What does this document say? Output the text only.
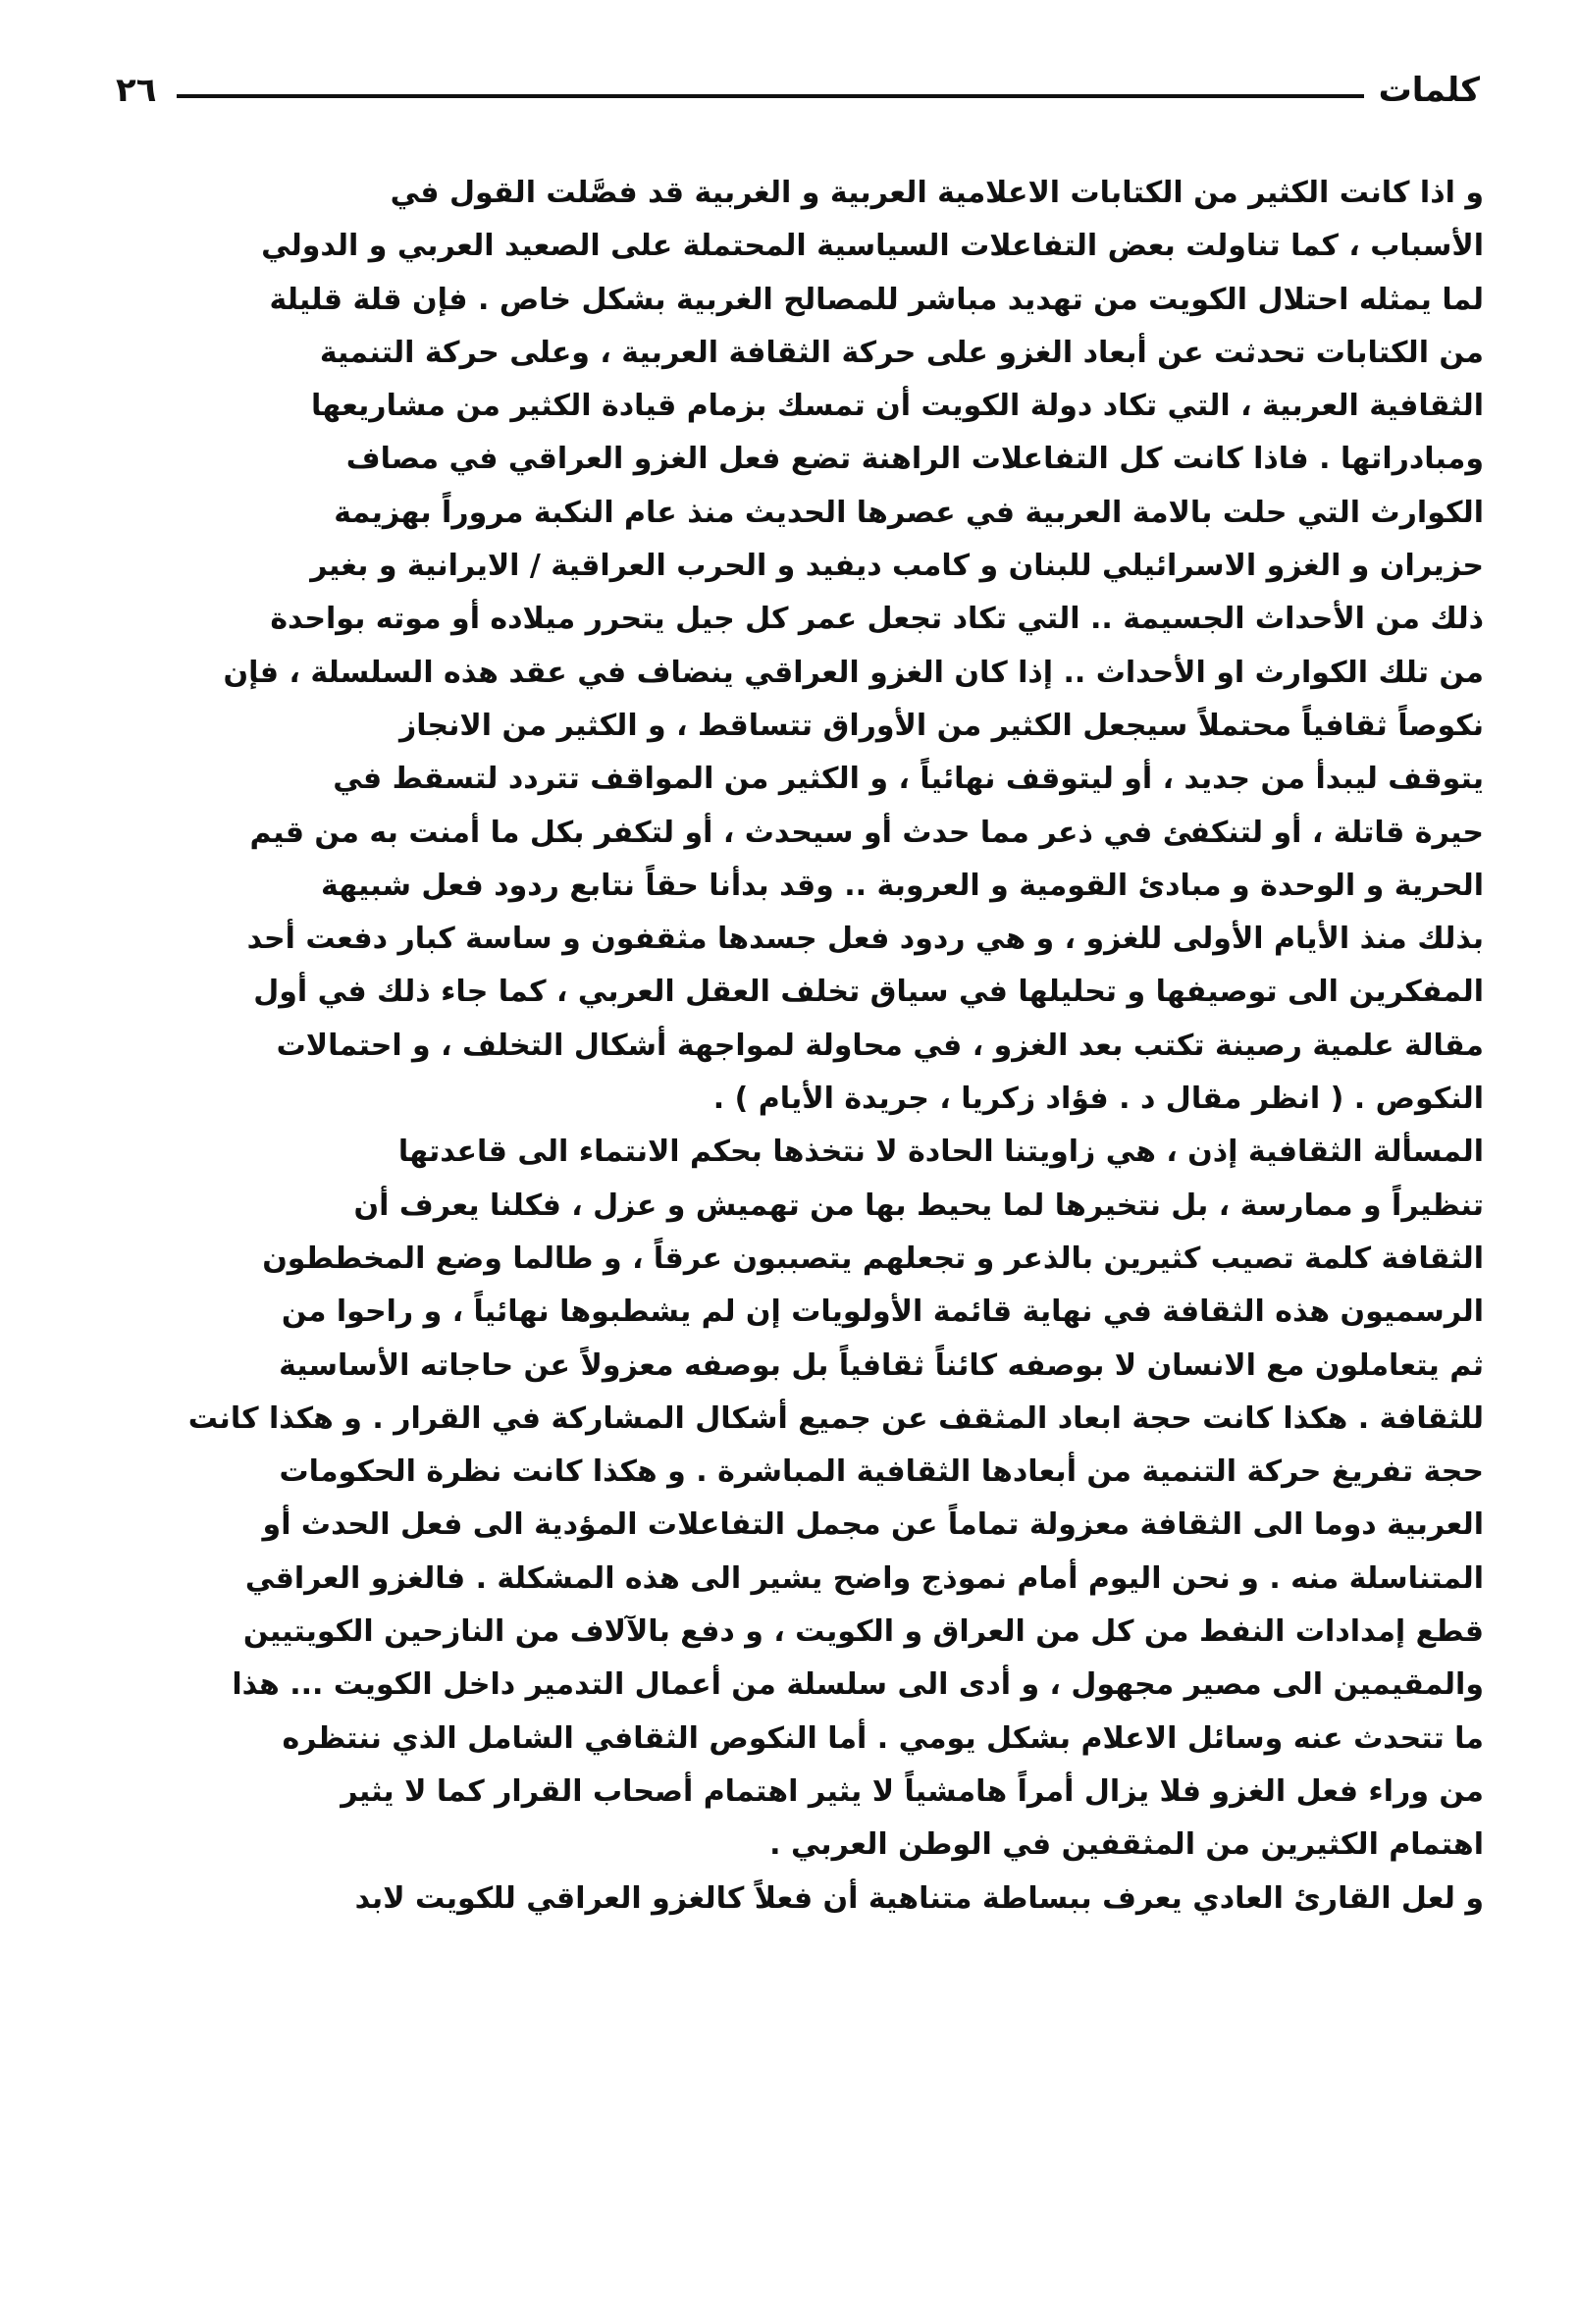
٢٦	كلمات
و اذا كانت الكثير من الكتابات الاعلامية العربية و الغربية قد فصَّلت القول في
الأسباب ، كما تناولت بعض التفاعلات السياسية المحتملة على الصعيد العربي و الدولي
لما يمثله احتلال الكويت من تهديد مباشر للمصالح الغربية بشكل خاص . فإن قلة قليلة
من الكتابات تحدثت عن أبعاد الغزو على حركة الثقافة العربية ، وعلى حركة التنمية
الثقافية العربية ، التي تكاد دولة الكويت أن تمسك بزمام قيادة الكثير من مشاريعها
ومبادراتها . فاذا كانت كل التفاعلات الراهنة تضع فعل الغزو العراقي في مصاف
الكوارث التي حلت بالامة العربية في عصرها الحديث منذ عام النكبة مروراً بهزيمة
حزيران و الغزو الاسرائيلي للبنان و كامب ديفيد و الحرب العراقية / الايرانية و بغير
ذلك من الأحداث الجسيمة .. التي تكاد تجعل عمر كل جيل يتحرر ميلاده أو موته بواحدة
من تلك الكوارث او الأحداث .. إذا كان الغزو العراقي ينضاف في عقد هذه السلسلة ، فإن
نكوصاً ثقافياً محتملاً سيجعل الكثير من الأوراق تتساقط ، و الكثير من الانجاز
يتوقف ليبدأ من جديد ، أو ليتوقف نهائياً ، و الكثير من المواقف تتردد لتسقط في
حيرة قاتلة ، أو لتنكفئ في ذعر مما حدث أو سيحدث ، أو لتكفر بكل ما أمنت به من قيم
الحرية و الوحدة و مبادئ القومية و العروبة .. وقد بدأنا حقاً نتابع ردود فعل شبيهة
بذلك منذ الأيام الأولى للغزو ، و هي ردود فعل جسدها مثقفون و ساسة كبار دفعت أحد
المفكرين الى توصيفها و تحليلها في سياق تخلف العقل العربي ، كما جاء ذلك في أول
مقالة علمية رصينة تكتب بعد الغزو ، في محاولة لمواجهة أشكال التخلف ، و احتمالات
النكوص . ( انظر مقال د . فؤاد زكريا ، جريدة الأيام ) .
المسألة الثقافية إذن ، هي زاويتنا الحادة لا نتخذها بحكم الانتماء الى قاعدتها
تنظيراً و ممارسة ، بل نتخيرها لما يحيط بها من تهميش و عزل ، فكلنا يعرف أن
الثقافة كلمة تصيب كثيرين بالذعر و تجعلهم يتصببون عرقاً ، و طالما وضع المخططون
الرسميون هذه الثقافة في نهاية قائمة الأولويات إن لم يشطبوها نهائياً ، و راحوا من
ثم يتعاملون مع الانسان لا بوصفه كائناً ثقافياً بل بوصفه معزولاً عن حاجاته الأساسية
للثقافة . هكذا كانت حجة ابعاد المثقف عن جميع أشكال المشاركة في القرار . و هكذا كانت
حجة تفريغ حركة التنمية من أبعادها الثقافية المباشرة . و هكذا كانت نظرة الحكومات
العربية دوما الى الثقافة معزولة تماماً عن مجمل التفاعلات المؤدية الى فعل الحدث أو
المتناسلة منه . و نحن اليوم أمام نموذج واضح يشير الى هذه المشكلة . فالغزو العراقي
قطع إمدادات النفط من كل من العراق و الكويت ، و دفع بالآلاف من النازحين الكويتيين
والمقيمين الى مصير مجهول ، و أدى الى سلسلة من أعمال التدمير داخل الكويت ... هذا
ما تتحدث عنه وسائل الاعلام بشكل يومي . أما النكوص الثقافي الشامل الذي ننتظره
من وراء فعل الغزو فلا يزال أمراً هامشياً لا يثير اهتمام أصحاب القرار كما لا يثير
اهتمام الكثيرين من المثقفين في الوطن العربي .
و لعل القارئ العادي يعرف ببساطة متناهية أن فعلاً كالغزو العراقي للكويت لابد
